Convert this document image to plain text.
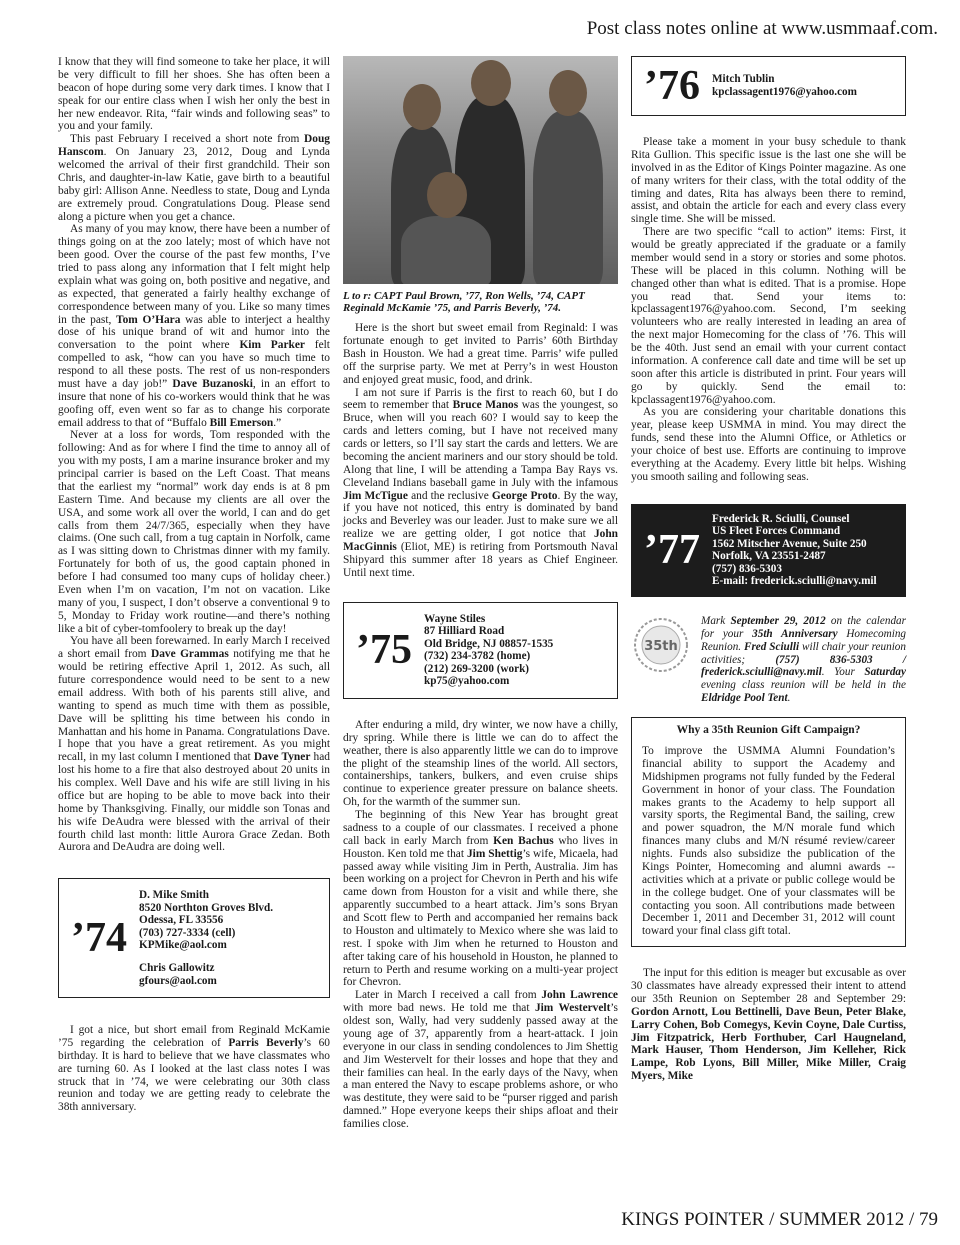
Post class notes online at www.usmmaaf.com.

I know that they will find someone to take her place, it will be very difficult to fill her shoes. She has often been a beacon of hope during some very dark times. I know that I speak for our entire class when I wish her only the best in her new endeavor. Rita, “fair winds and following seas” to you and your family.

This past February I received a short note from Doug Hanscom. On January 23, 2012, Doug and Lynda welcomed the arrival of their first grandchild. Their son Chris, and daughter-in-law Katie, gave birth to a beautiful baby girl: Allison Anne. Needless to state, Doug and Lynda are extremely proud. Congratulations Doug. Please send along a picture when you get a chance.

As many of you may know, there have been a number of things going on at the zoo lately; most of which have not been good. Over the course of the past few months, I’ve tried to pass along any information that I felt might help explain what was going on, both positive and negative, and as expected, that generated a fairly healthy exchange of correspondence between many of you. Like so many times in the past, Tom O’Hara was able to interject a healthy dose of his unique brand of wit and humor into the conversation to the point where Kim Parker felt compelled to ask, “how can you have so much time to respond to all these posts. The rest of us non-responders must have a day job!” Dave Buzanoski, in an effort to insure that none of his co-workers would think that he was goofing off, even went so far as to change his corporate email address to that of “Buffalo Bill Emerson.”

Never at a loss for words, Tom responded with the following: And as for where I find the time to annoy all of you with my posts, I am a marine insurance broker and my principal carrier is based on the Left Coast. That means that the earliest my “normal” work day ends is at 8 pm Eastern Time. And because my clients are all over the USA, and some work all over the world, I can and do get calls from them 24/7/365, especially when they have claims. (One such call, from a tug captain in Norfolk, came as I was sitting down to Christmas dinner with my family. Fortunately for both of us, the good captain phoned in before I had consumed too many cups of holiday cheer.) Even when I’m on vacation, I’m not on vacation. Like many of you, I suspect, I don’t observe a conventional 9 to 5, Monday to Friday work routine—and there’s nothing like a bit of cyber-tomfoolery to break up the day!

You have all been forewarned. In early March I received a short email from Dave Grammas notifying me that he would be retiring effective April 1, 2012. As such, all future correspondence would need to be sent to a new email address. With both of his parents still alive, and wanting to spend as much time with them as possible, Dave will be splitting his time between his condo in Manhattan and his home in Panama. Congratulations Dave. I hope that you have a great retirement. As you might recall, in my last column I mentioned that Dave Tyner had lost his home to a fire that also destroyed about 20 units in his complex. Well Dave and his wife are still living in his office but are hoping to be able to move back into their home by Thanksgiving. Finally, our middle son Tonas and his wife DeAudra were blessed with the arrival of their fourth child last month: little Aurora Grace Zedan. Both Aurora and DeAudra are doing well.

’74
D. Mike Smith
8520 Northton Groves Blvd.
Odessa, FL 33556
(703) 727-3334 (cell)
KPMike@aol.com
Chris Gallowitz
gfours@aol.com

I got a nice, but short email from Reginald McKamie ’75 regarding the celebration of Parris Beverly’s 60 birthday. It is hard to believe that we have classmates who are turning 60. As I looked at the last class notes I was struck that in ’74, we were celebrating our 30th class reunion and today we are getting ready to celebrate the 38th anniversary.

L to r: CAPT Paul Brown, ’77, Ron Wells, ’74, CAPT Reginald McKamie ’75, and Parris Beverly, ’74.

Here is the short but sweet email from Reginald: I was fortunate enough to get invited to Parris’ 60th Birthday Bash in Houston. We had a great time. Parris’ wife pulled off the surprise party. We met at Perry’s in west Houston and enjoyed great music, food, and drink.

I am not sure if Parris is the first to reach 60, but I do seem to remember that Bruce Manos was the youngest, so Bruce, when will you reach 60? I would say to keep the cards and letters coming, but I have not received many cards or letters, so I’ll say start the cards and letters. We are becoming the ancient mariners and our story should be told. Along that line, I will be attending a Tampa Bay Rays vs. Cleveland Indians baseball game in July with the infamous Jim McTigue and the reclusive George Proto. By the way, if you have not noticed, this entry is dominated by band jocks and Beverley was our leader. Just to make sure we all realize we are getting older, I got notice that John MacGinnis (Eliot, ME) is retiring from Portsmouth Naval Shipyard this summer after 18 years as Chief Engineer. Until next time.

’75
Wayne Stiles
87 Hilliard Road
Old Bridge, NJ 08857-1535
(732) 234-3782 (home)
(212) 269-3200 (work)
kp75@yahoo.com

After enduring a mild, dry winter, we now have a chilly, dry spring. While there is little we can do to affect the weather, there is also apparently little we can do to improve the plight of the steamship lines of the world. All sectors, containerships, tankers, bulkers, and even cruise ships continue to experience greater pressure on balance sheets. Oh, for the warmth of the summer sun.

The beginning of this New Year has brought great sadness to a couple of our classmates. I received a phone call back in early March from Ken Bachus who lives in Houston. Ken told me that Jim Shettig’s wife, Micaela, had passed away while visiting Jim in Perth, Australia. Jim has been working on a project for Chevron in Perth and his wife came down from Houston for a visit and while there, she apparently succumbed to a heart attack. Jim’s sons Bryan and Scott flew to Perth and accompanied her remains back to Houston and ultimately to Mexico where she was laid to rest. I spoke with Jim when he returned to Houston and after taking care of his household in Houston, he planned to return to Perth and resume working on a multi-year project for Chevron.

Later in March I received a call from John Lawrence with more bad news. He told me that Jim Westervelt’s oldest son, Wally, had very suddenly passed away at the young age of 37, apparently from a heart-attack. I join everyone in our class in sending condolences to Jim Shettig and Jim Westervelt for their losses and hope that they and their families can heal. In the early days of the Navy, when a man entered the Navy to escape problems ashore, or who was destitute, they were said to be “purser rigged and parish damned.” Hope everyone keeps their ships afloat and their families close.

’76 Mitch Tublin
kpclassagent1976@yahoo.com

Please take a moment in your busy schedule to thank Rita Gullion. This specific issue is the last one she will be involved in as the Editor of Kings Pointer magazine. As one of many writers for their class, with the total oddity of the timing and dates, Rita has always been there to remind, assist, and obtain the article for each and every class every single time. She will be missed.

There are two specific “call to action” items: First, it would be greatly appreciated if the graduate or a family member would send in a story or stories and some photos. These will be placed in this column. Nothing will be changed other than what is edited. That is a promise. Hope you read that. Send your items to: kpclassagent1976@yahoo.com. Second, I’m seeking volunteers who are really interested in leading an area of the next major Homecoming for the class of ’76. This will be the 40th. Just send an email with your current contact information. A conference call date and time will be set up soon after this article is distributed in print. Four years will go by quickly. Send the email to: kpclassagent1976@yahoo.com.

As you are considering your charitable donations this year, please keep USMMA in mind. You may direct the funds, send these into the Alumni Office, or Athletics or your choice of best use. Efforts are continuing to improve everything at the Academy. Every little bit helps. Wishing you smooth sailing and following seas.

’77
Frederick R. Sciulli, Counsel
US Fleet Forces Command
1562 Mitscher Avenue, Suite 250
Norfolk, VA 23551-2487
(757) 836-5303
E-mail: frederick.sciulli@navy.mil
35th
Mark September 29, 2012 on the calendar for your 35th Anniversary Homecoming Reunion. Fred Sciulli will chair your reunion activities; (757) 836-5303 / frederick.sciulli@navy.mil. Your Saturday evening class reunion will be held in the Eldridge Pool Tent.
Why a 35th Reunion Gift Campaign?
To improve the USMMA Alumni Foundation’s financial ability to support the Academy and Midshipmen programs not fully funded by the Federal Government in honor of your class. The Foundation makes grants to the Academy to help support all varsity sports, the Regimental Band, the sailing, crew and power squadron, the M/N morale fund which finances many clubs and M/N résumé review/career nights. Funds also subsidize the publication of the Kings Pointer, Homecoming and alumni awards -- activities which at a private or public college would be in the college budget. One of your classmates will be contacting you soon. All contributions made between December 1, 2011 and December 31, 2012 will count toward your final class gift total.

The input for this edition is meager but excusable as over 30 classmates have already expressed their intent to attend our 35th Reunion on September 28 and September 29: Gordon Arnott, Lou Bettinelli, Dave Beun, Peter Blake, Larry Cohen, Bob Comegys, Kevin Coyne, Dale Curtiss, Jim Fitzpatrick, Herb Forthuber, Carl Haugneland, Mark Hauser, Thom Henderson, Jim Kelleher, Rick Lampe, Rob Lyons, Bill Miller, Mike Miller, Craig Myers, Mike

KINGS POINTER / SUMMER 2012 / 79
